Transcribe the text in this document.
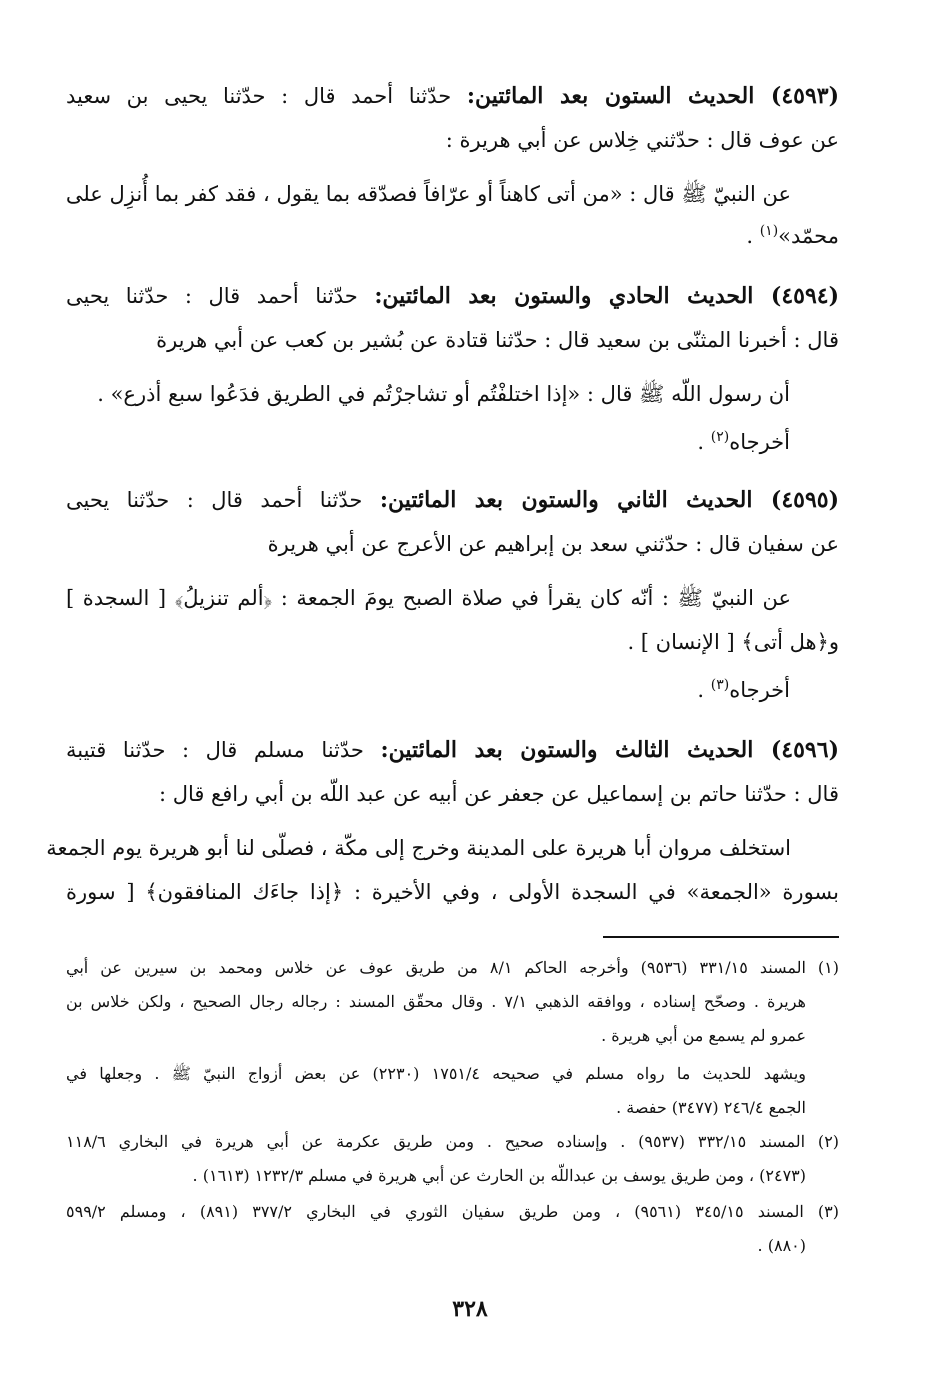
(٤٥٩٣) الحديث الستون بعد المائتين: حدّثنا أحمد قال : حدّثنا يحيى بن سعيد
عن عوف قال : حدّثني خِلاس عن أبي هريرة :
عن النبيّ ﷺ قال : «من أتى كاهناً أو عرّافاً فصدّقه بما يقول ، فقد كفر بما أُنزِل على
محمّد»$^{(١)}$ .
(٤٥٩٤) الحديث الحادي والستون بعد المائتين: حدّثنا أحمد قال : حدّثنا يحيى
قال : أخبرنا المثنّى بن سعيد قال : حدّثنا قتادة عن بُشير بن كعب عن أبي هريرة
أن رسول اللّه ﷺ قال : «إذا اختلفْتُم أو تشاجرْتُم في الطريق فدَعُوا سبع أذرع» .
أخرجاه$^{(٢)}$ .
(٤٥٩٥) الحديث الثاني والستون بعد المائتين: حدّثنا أحمد قال : حدّثنا يحيى
عن سفيان قال : حدّثني سعد بن إبراهيم عن الأعرج عن أبي هريرة
عن النبيّ ﷺ : أنّه كان يقرأ في صلاة الصبح يومَ الجمعة : ﴿ألم تنزيلُ﴾ [ السجدة ]
و﴿هل أتى﴾ [ الإنسان ] .
أخرجاه$^{(٣)}$ .
(٤٥٩٦) الحديث الثالث والستون بعد المائتين: حدّثنا مسلم قال : حدّثنا قتيبة
قال : حدّثنا حاتم بن إسماعيل عن جعفر عن أبيه عن عبد اللّه بن أبي رافع قال :
استخلف مروان أبا هريرة على المدينة وخرج إلى مكّة ، فصلّى لنا أبو هريرة يوم الجمعة
بسورة «الجمعة» في السجدة الأولى ، وفي الأخيرة : ﴿إذا جاءَك المنافقون﴾ [ سورة
(١) المسند ٣٣١/١٥ (٩٥٣٦) وأخرجه الحاكم ٨/١ من طريق عوف عن خلاس ومحمد بن سيرين عن أبي
هريرة . وصحّح إسناده ، ووافقه الذهبي ٧/١ . وقال محقّق المسند : رجاله رجال الصحيح ، ولكن خلاس بن
عمرو لم يسمع من أبي هريرة .
ويشهد للحديث ما رواه مسلم في صحيحه ١٧٥١/٤ (٢٢٣٠) عن بعض أزواج النبيّ ﷺ . وجعلها في
الجمع ٢٤٦/٤ (٣٤٧٧) حفصة .
(٢) المسند ٣٣٢/١٥ (٩٥٣٧) . وإسناده صحيح . ومن طريق عكرمة عن أبي هريرة في البخاري ١١٨/٦
(٢٤٧٣) ، ومن طريق يوسف بن عبداللّه بن الحارث عن أبي هريرة في مسلم ١٢٣٢/٣ (١٦١٣) .
(٣) المسند ٣٤٥/١٥ (٩٥٦١) ، ومن طريق سفيان الثوري في البخاري ٣٧٧/٢ (٨٩١) ، ومسلم ٥٩٩/٢
(٨٨٠) .
٣٢٨
